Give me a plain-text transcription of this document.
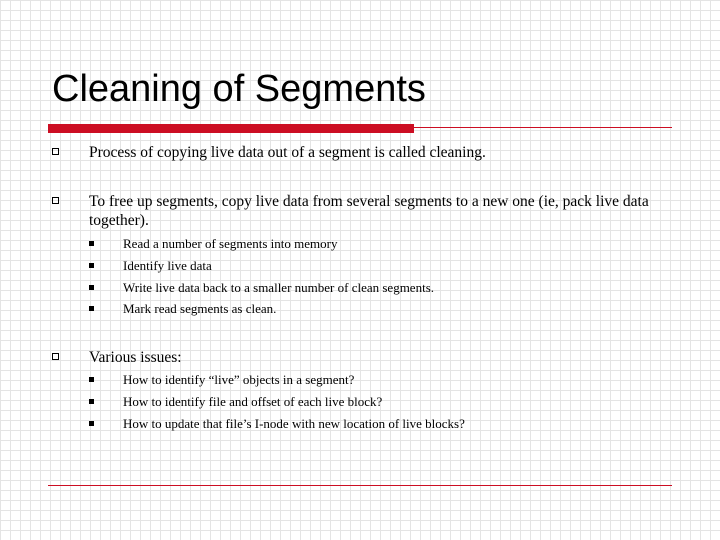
Cleaning of Segments
Process of copying live data out of a segment is called cleaning.
To free up segments, copy live data from several segments to a new one (ie, pack live data together).
Read a number of segments into memory
Identify live data
Write live data back to a smaller number of clean segments.
Mark read segments as clean.
Various issues:
How to identify “live” objects in a segment?
How to identify file and offset of each live block?
How to update that file’s I-node with new location of live blocks?
